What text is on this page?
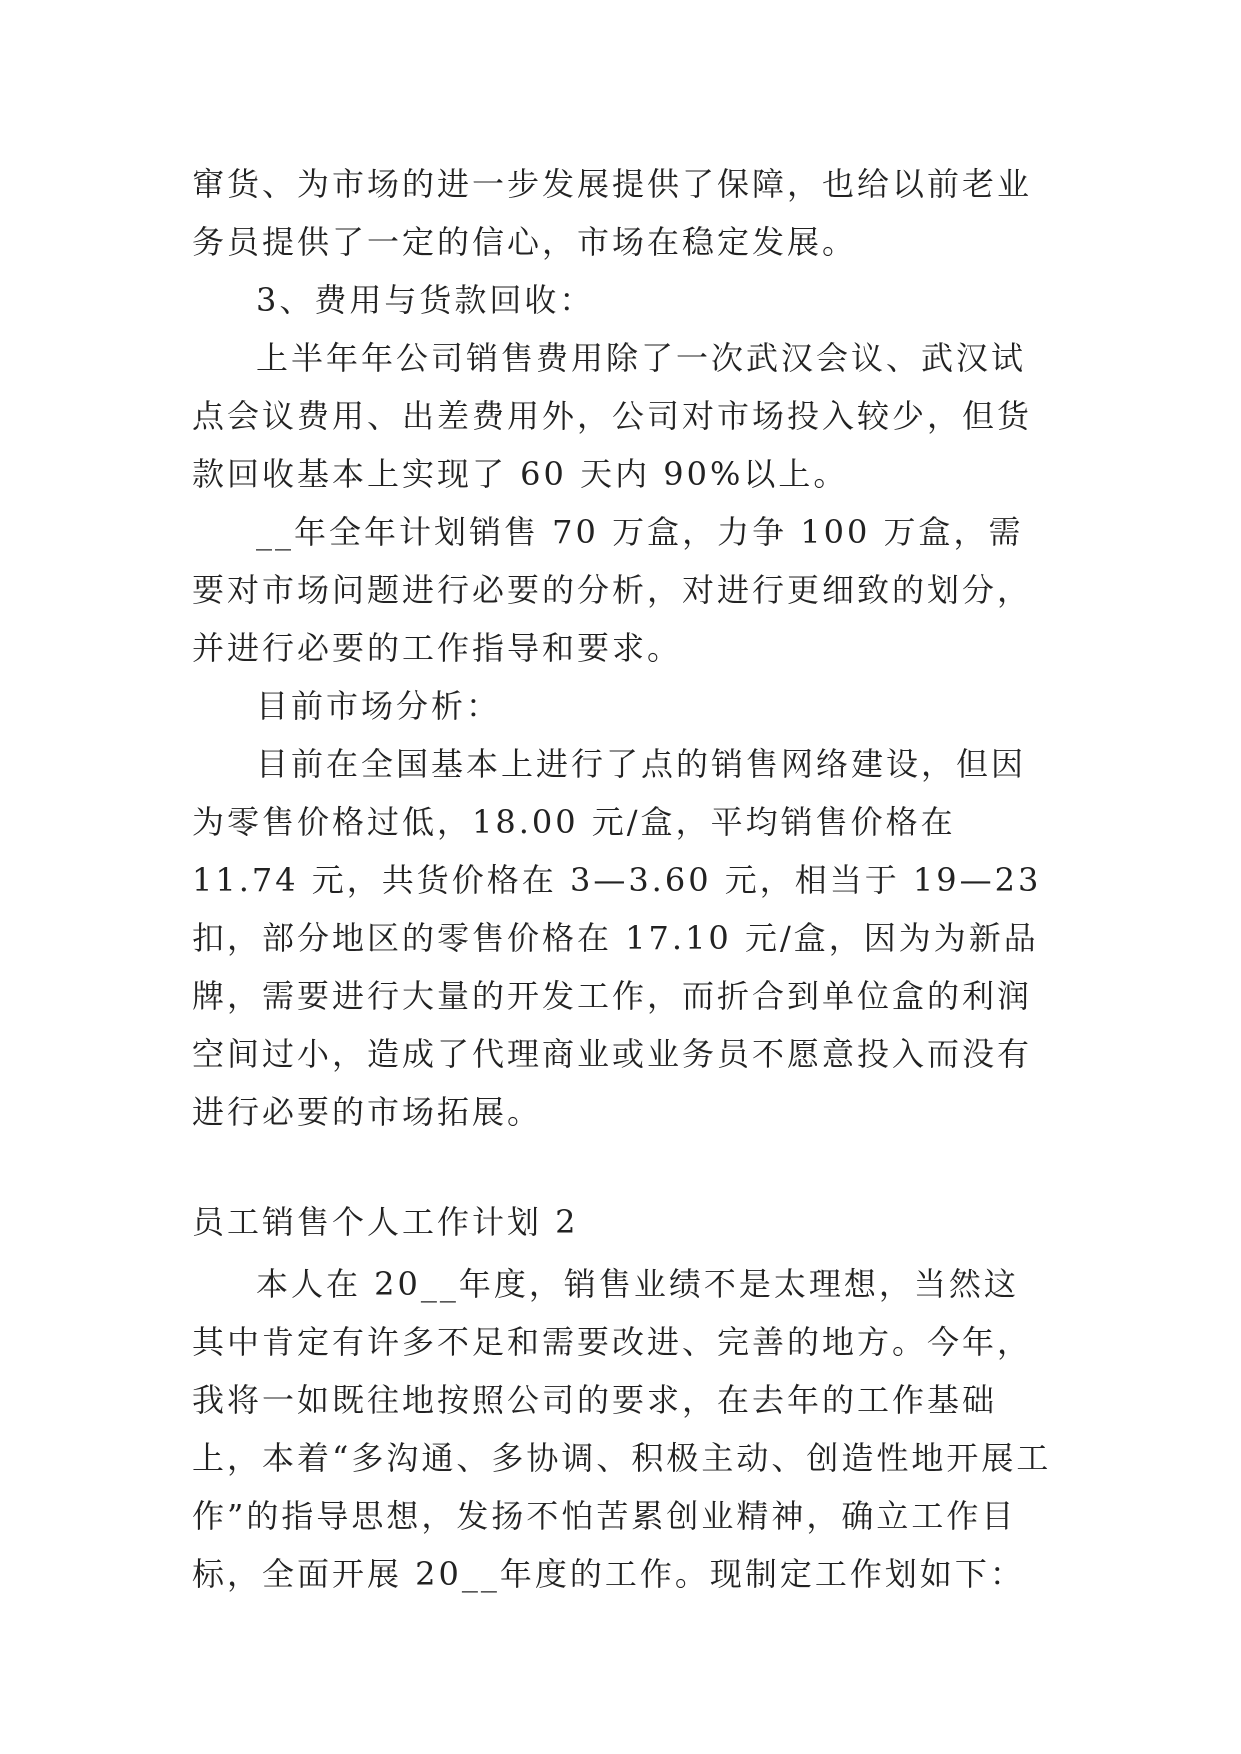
窜货、为市场的进一步发展提供了保障，也给以前老业务员提供了一定的信心，市场在稳定发展。

3、费用与货款回收：

上半年年公司销售费用除了一次武汉会议、武汉试点会议费用、出差费用外，公司对市场投入较少，但货款回收基本上实现了 60 天内 90%以上。

__年全年计划销售 70 万盒，力争 100 万盒，需要对市场问题进行必要的分析，对进行更细致的划分，并进行必要的工作指导和要求。

目前市场分析：

目前在全国基本上进行了点的销售网络建设，但因为零售价格过低，18.00 元/盒，平均销售价格在 11.74 元，共货价格在 3—3.60 元，相当于 19—23 扣，部分地区的零售价格在 17.10 元/盒，因为为新品牌，需要进行大量的开发工作，而折合到单位盒的利润空间过小，造成了代理商业或业务员不愿意投入而没有进行必要的市场拓展。

员工销售个人工作计划 2

本人在 20__年度，销售业绩不是太理想，当然这其中肯定有许多不足和需要改进、完善的地方。今年，我将一如既往地按照公司的要求，在去年的工作基础上，本着“多沟通、多协调、积极主动、创造性地开展工作”的指导思想，发扬不怕苦累创业精神，确立工作目标，全面开展 20__年度的工作。现制定工作划如下：
